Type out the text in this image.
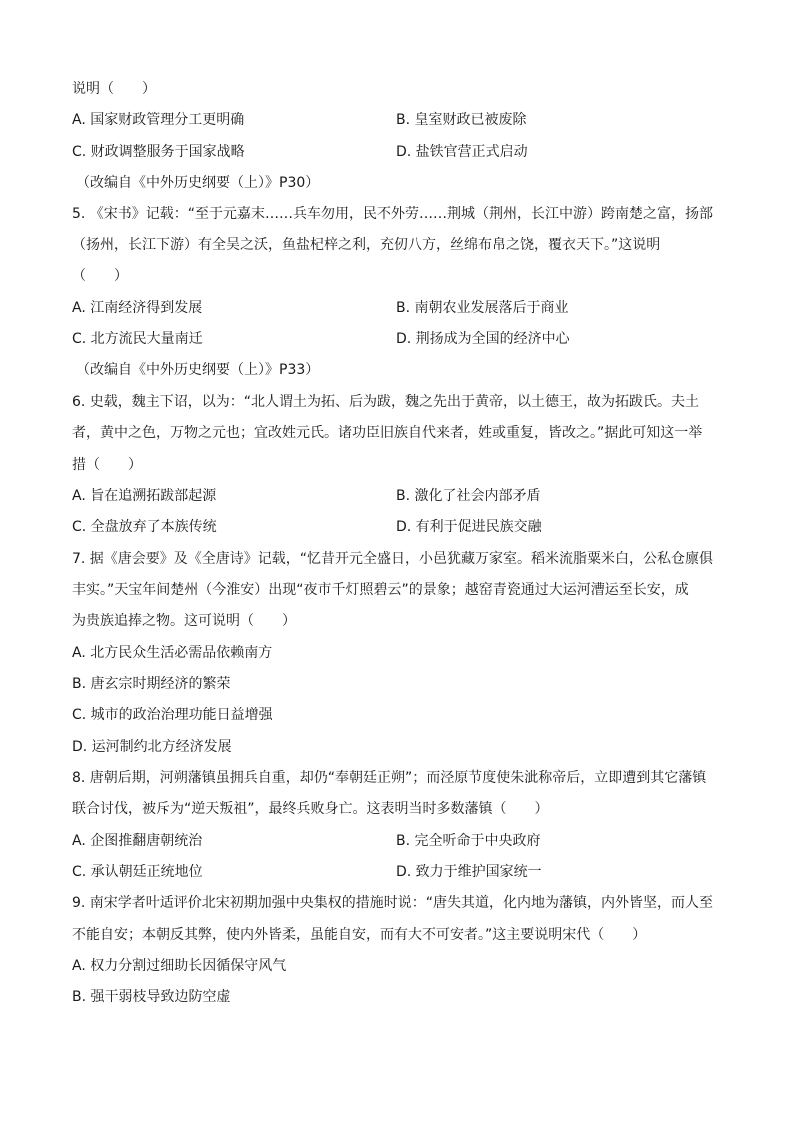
说明（　　）
A. 国家财政管理分工更明确	B. 皇室财政已被废除
C. 财政调整服务于国家战略	D. 盐铁官营正式启动
（改编自《中外历史纲要（上）》P30）
5. 《宋书》记载：“至于元嘉末……兵车勿用，民不外劳……荆城（荆州，长江中游）跨南楚之富，扬部
（扬州，长江下游）有全吴之沃，鱼盐杞梓之利，充仞八方，丝绵布帛之饶，覆衣天下。”这说明
（　　）
A. 江南经济得到发展	B. 南朝农业发展落后于商业
C. 北方流民大量南迁	D. 荆扬成为全国的经济中心
（改编自《中外历史纲要（上）》P33）
6. 史载，魏主下诏，以为：“北人谓土为拓、后为跋，魏之先出于黄帝，以土德王，故为拓跋氏。夫土
者，黄中之色，万物之元也；宜改姓元氏。诸功臣旧族自代来者，姓或重复，皆改之。”据此可知这一举
措（　　）
A. 旨在追溯拓跋部起源	B. 激化了社会内部矛盾
C. 全盘放弃了本族传统	D. 有利于促进民族交融
7. 据《唐会要》及《全唐诗》记载，“忆昔开元全盛日，小邑犹藏万家室。稻米流脂粟米白，公私仓廪俱
丰实。”天宝年间楚州（今淮安）出现“夜市千灯照碧云”的景象；越窑青瓷通过大运河漕运至长安，成
为贵族追捧之物。这可说明（　　）
A. 北方民众生活必需品依赖南方
B. 唐玄宗时期经济的繁荣
C. 城市的政治治理功能日益增强
D. 运河制约北方经济发展
8. 唐朝后期，河朔藩镇虽拥兵自重，却仍“奉朝廷正朔”；而泾原节度使朱泚称帝后，立即遭到其它藩镇
联合讨伐，被斥为“逆天叛祖”，最终兵败身亡。这表明当时多数藩镇（　　）
A. 企图推翻唐朝统治	B. 完全听命于中央政府
C. 承认朝廷正统地位	D. 致力于维护国家统一
9. 南宋学者叶适评价北宋初期加强中央集权的措施时说：“唐失其道，化内地为藩镇，内外皆坚，而人至
不能自安；本朝反其弊，使内外皆柔，虽能自安，而有大不可安者。”这主要说明宋代（　　）
A. 权力分割过细助长因循保守风气
B. 强干弱枝导致边防空虚
